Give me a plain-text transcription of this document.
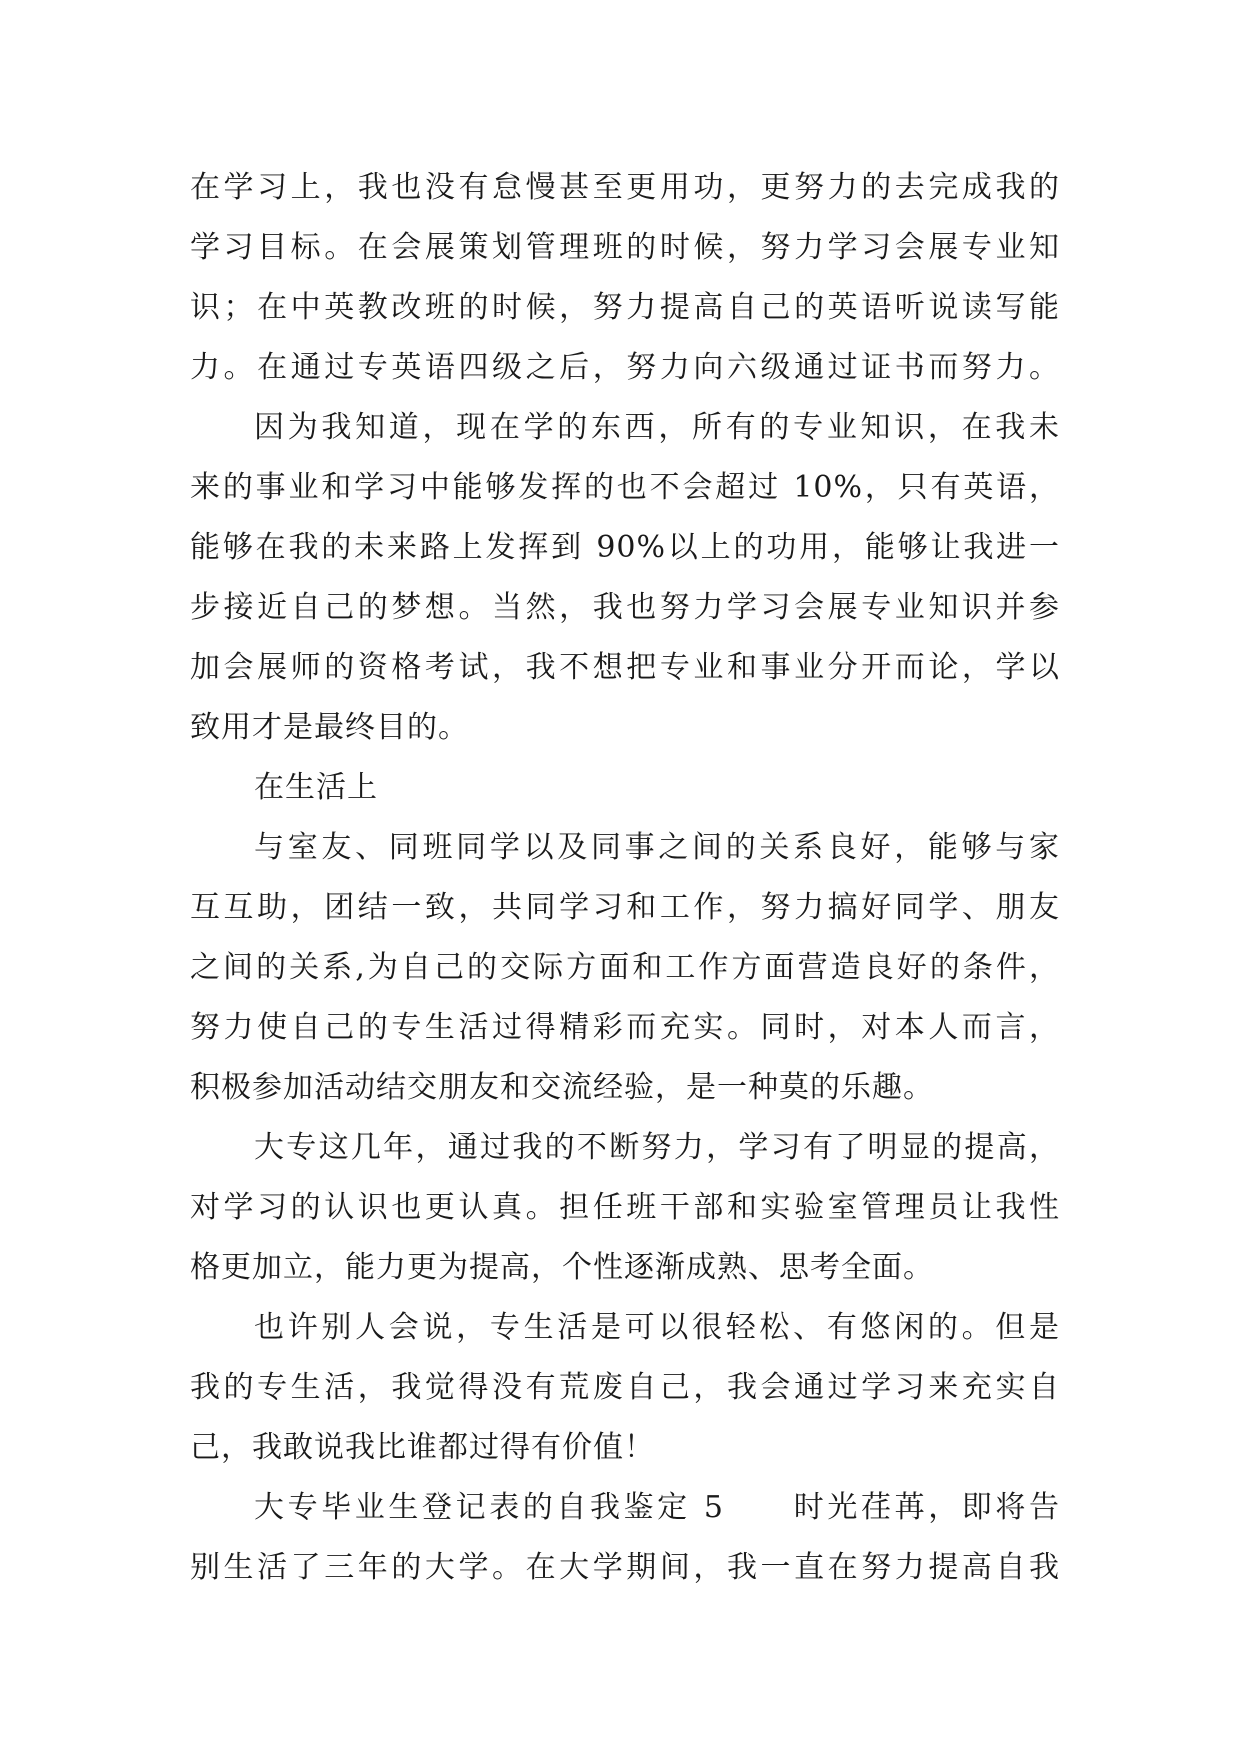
在学习上，我也没有怠慢甚至更用功，更努力的去完成我的
学习目标。在会展策划管理班的时候，努力学习会展专业知
识；在中英教改班的时候，努力提高自己的英语听说读写能
力。在通过专英语四级之后，努力向六级通过证书而努力。
因为我知道，现在学的东西，所有的专业知识，在我未
来的事业和学习中能够发挥的也不会超过 10%，只有英语，
能够在我的未来路上发挥到 90%以上的功用，能够让我进一
步接近自己的梦想。当然，我也努力学习会展专业知识并参
加会展师的资格考试，我不想把专业和事业分开而论，学以
致用才是最终目的。
在生活上
与室友、同班同学以及同事之间的关系良好，能够与家
互互助，团结一致，共同学习和工作，努力搞好同学、朋友
之间的关系,为自己的交际方面和工作方面营造良好的条件，
努力使自己的专生活过得精彩而充实。同时，对本人而言，
积极参加活动结交朋友和交流经验，是一种莫的乐趣。
大专这几年，通过我的不断努力，学习有了明显的提高，
对学习的认识也更认真。担任班干部和实验室管理员让我性
格更加立，能力更为提高，个性逐渐成熟、思考全面。
也许别人会说，专生活是可以很轻松、有悠闲的。但是
我的专生活，我觉得没有荒废自己，我会通过学习来充实自
己，我敢说我比谁都过得有价值！
大专毕业生登记表的自我鉴定 5　　时光荏苒，即将告
别生活了三年的大学。在大学期间，我一直在努力提高自我
